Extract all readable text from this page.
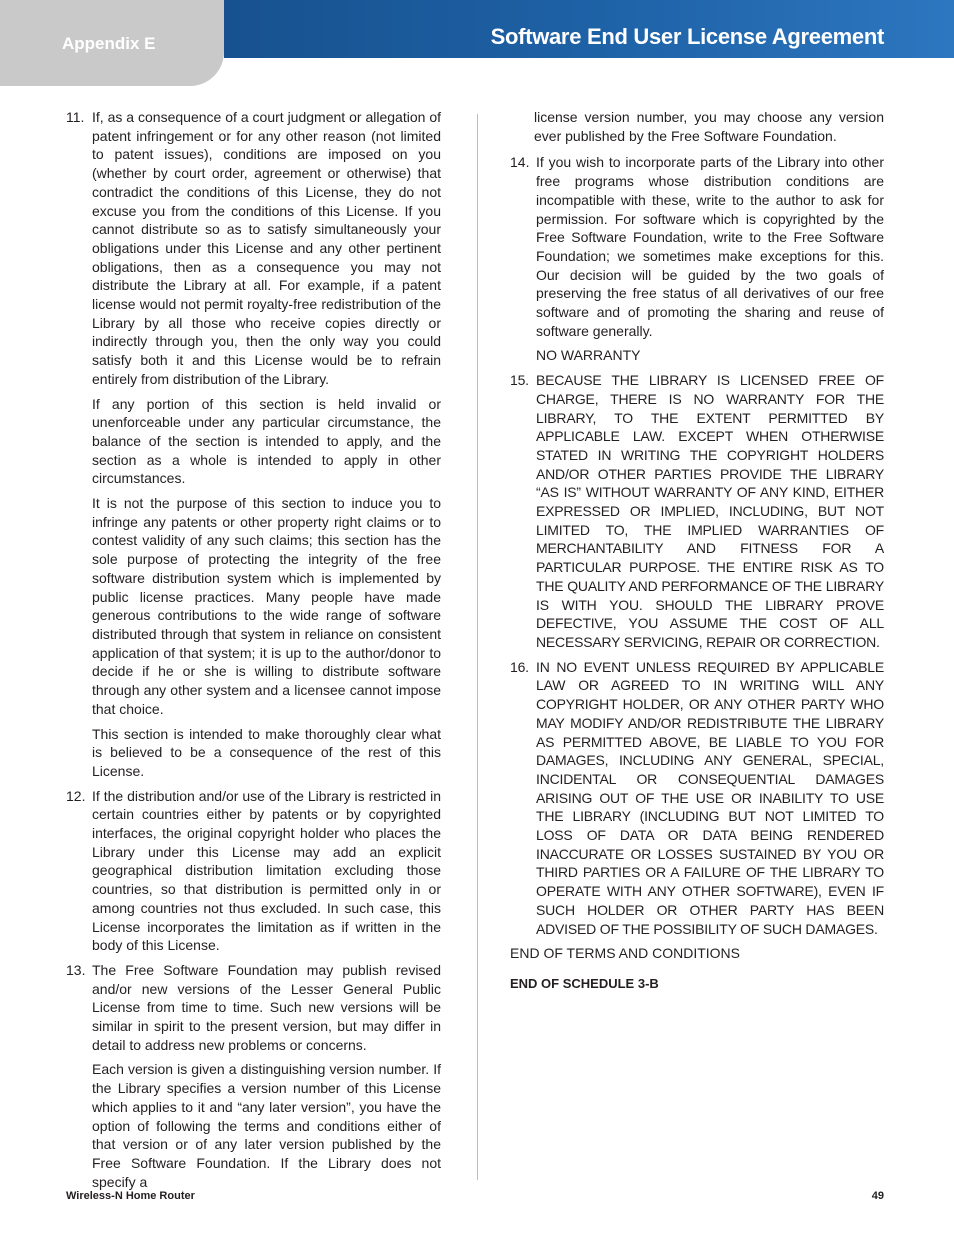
Appendix E	Software End User License Agreement
11. If, as a consequence of a court judgment or allegation of patent infringement or for any other reason (not limited to patent issues), conditions are imposed on you (whether by court order, agreement or otherwise) that contradict the conditions of this License, they do not excuse you from the conditions of this License. If you cannot distribute so as to satisfy simultaneously your obligations under this License and any other pertinent obligations, then as a consequence you may not distribute the Library at all. For example, if a patent license would not permit royalty-free redistribution of the Library by all those who receive copies directly or indirectly through you, then the only way you could satisfy both it and this License would be to refrain entirely from distribution of the Library.

If any portion of this section is held invalid or unenforceable under any particular circumstance, the balance of the section is intended to apply, and the section as a whole is intended to apply in other circumstances.

It is not the purpose of this section to induce you to infringe any patents or other property right claims or to contest validity of any such claims; this section has the sole purpose of protecting the integrity of the free software distribution system which is implemented by public license practices. Many people have made generous contributions to the wide range of software distributed through that system in reliance on consistent application of that system; it is up to the author/donor to decide if he or she is willing to distribute software through any other system and a licensee cannot impose that choice.

This section is intended to make thoroughly clear what is believed to be a consequence of the rest of this License.

12. If the distribution and/or use of the Library is restricted in certain countries either by patents or by copyrighted interfaces, the original copyright holder who places the Library under this License may add an explicit geographical distribution limitation excluding those countries, so that distribution is permitted only in or among countries not thus excluded. In such case, this License incorporates the limitation as if written in the body of this License.

13. The Free Software Foundation may publish revised and/or new versions of the Lesser General Public License from time to time. Such new versions will be similar in spirit to the present version, but may differ in detail to address new problems or concerns.

Each version is given a distinguishing version number. If the Library specifies a version number of this License which applies to it and “any later version”, you have the option of following the terms and conditions either of that version or of any later version published by the Free Software Foundation. If the Library does not specify a

license version number, you may choose any version ever published by the Free Software Foundation.

14. If you wish to incorporate parts of the Library into other free programs whose distribution conditions are incompatible with these, write to the author to ask for permission. For software which is copyrighted by the Free Software Foundation, write to the Free Software Foundation; we sometimes make exceptions for this. Our decision will be guided by the two goals of preserving the free status of all derivatives of our free software and of promoting the sharing and reuse of software generally.

NO WARRANTY

15. BECAUSE THE LIBRARY IS LICENSED FREE OF CHARGE, THERE IS NO WARRANTY FOR THE LIBRARY, TO THE EXTENT PERMITTED BY APPLICABLE LAW. EXCEPT WHEN OTHERWISE STATED IN WRITING THE COPYRIGHT HOLDERS AND/OR OTHER PARTIES PROVIDE THE LIBRARY “AS IS” WITHOUT WARRANTY OF ANY KIND, EITHER EXPRESSED OR IMPLIED, INCLUDING, BUT NOT LIMITED TO, THE IMPLIED WARRANTIES OF MERCHANTABILITY AND FITNESS FOR A PARTICULAR PURPOSE. THE ENTIRE RISK AS TO THE QUALITY AND PERFORMANCE OF THE LIBRARY IS WITH YOU. SHOULD THE LIBRARY PROVE DEFECTIVE, YOU ASSUME THE COST OF ALL NECESSARY SERVICING, REPAIR OR CORRECTION.

16. IN NO EVENT UNLESS REQUIRED BY APPLICABLE LAW OR AGREED TO IN WRITING WILL ANY COPYRIGHT HOLDER, OR ANY OTHER PARTY WHO MAY MODIFY AND/OR REDISTRIBUTE THE LIBRARY AS PERMITTED ABOVE, BE LIABLE TO YOU FOR DAMAGES, INCLUDING ANY GENERAL, SPECIAL, INCIDENTAL OR CONSEQUENTIAL DAMAGES ARISING OUT OF THE USE OR INABILITY TO USE THE LIBRARY (INCLUDING BUT NOT LIMITED TO LOSS OF DATA OR DATA BEING RENDERED INACCURATE OR LOSSES SUSTAINED BY YOU OR THIRD PARTIES OR A FAILURE OF THE LIBRARY TO OPERATE WITH ANY OTHER SOFTWARE), EVEN IF SUCH HOLDER OR OTHER PARTY HAS BEEN ADVISED OF THE POSSIBILITY OF SUCH DAMAGES.

END OF TERMS AND CONDITIONS

END OF SCHEDULE 3-B

Wireless-N Home Router	49
